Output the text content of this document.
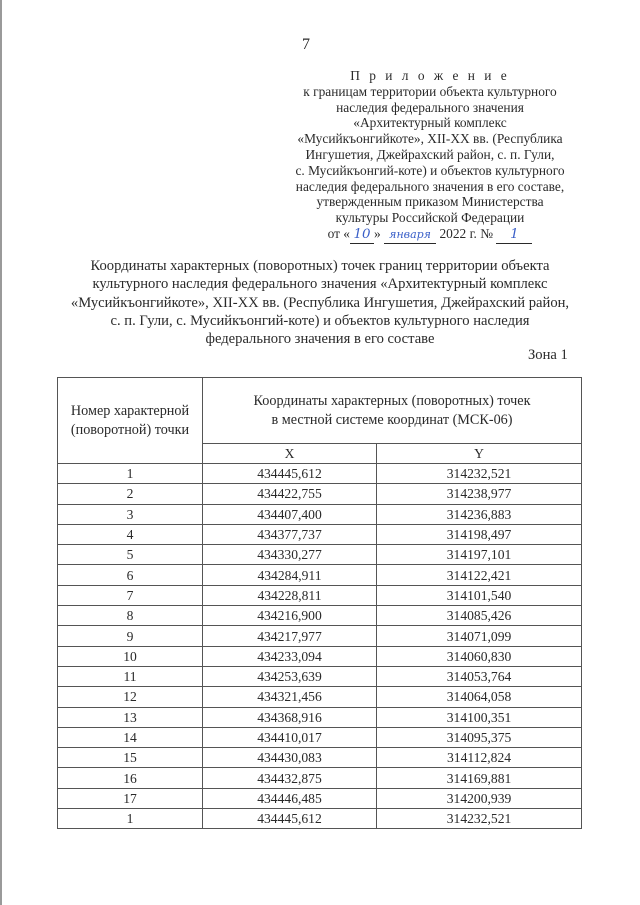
7
П р и л о ж е н и е
к границам территории объекта культурного
наследия федерального значения
«Архитектурный комплекс
«Мусийкъонгийкоте», XII-XX вв. (Республика
Ингушетия, Джейрахский район, с. п. Гули,
с. Мусийкъонгий-коте) и объектов культурного
наследия федерального значения в его составе,
утвержденным приказом Министерства
культуры Российской Федерации
от « 10 » января 2022 г. № 1
Координаты характерных (поворотных) точек границ территории объекта
культурного наследия федерального значения «Архитектурный комплекс
«Мусийкъонгийкоте», XII-XX вв. (Республика Ингушетия, Джейрахский район,
с. п. Гули, с. Мусийкъонгий-коте) и объектов культурного наследия
федерального значения в его составе
Зона 1
Номер характерной
(поворотной) точки

Координаты характерных (поворотных) точек
в местной системе координат (МСК-06)

	X	Y
1	434445,612	314232,521
2	434422,755	314238,977
3	434407,400	314236,883
4	434377,737	314198,497
5	434330,277	314197,101
6	434284,911	314122,421
7	434228,811	314101,540
8	434216,900	314085,426
9	434217,977	314071,099
10	434233,094	314060,830
11	434253,639	314053,764
12	434321,456	314064,058
13	434368,916	314100,351
14	434410,017	314095,375
15	434430,083	314112,824
16	434432,875	314169,881
17	434446,485	314200,939
1	434445,612	314232,521
